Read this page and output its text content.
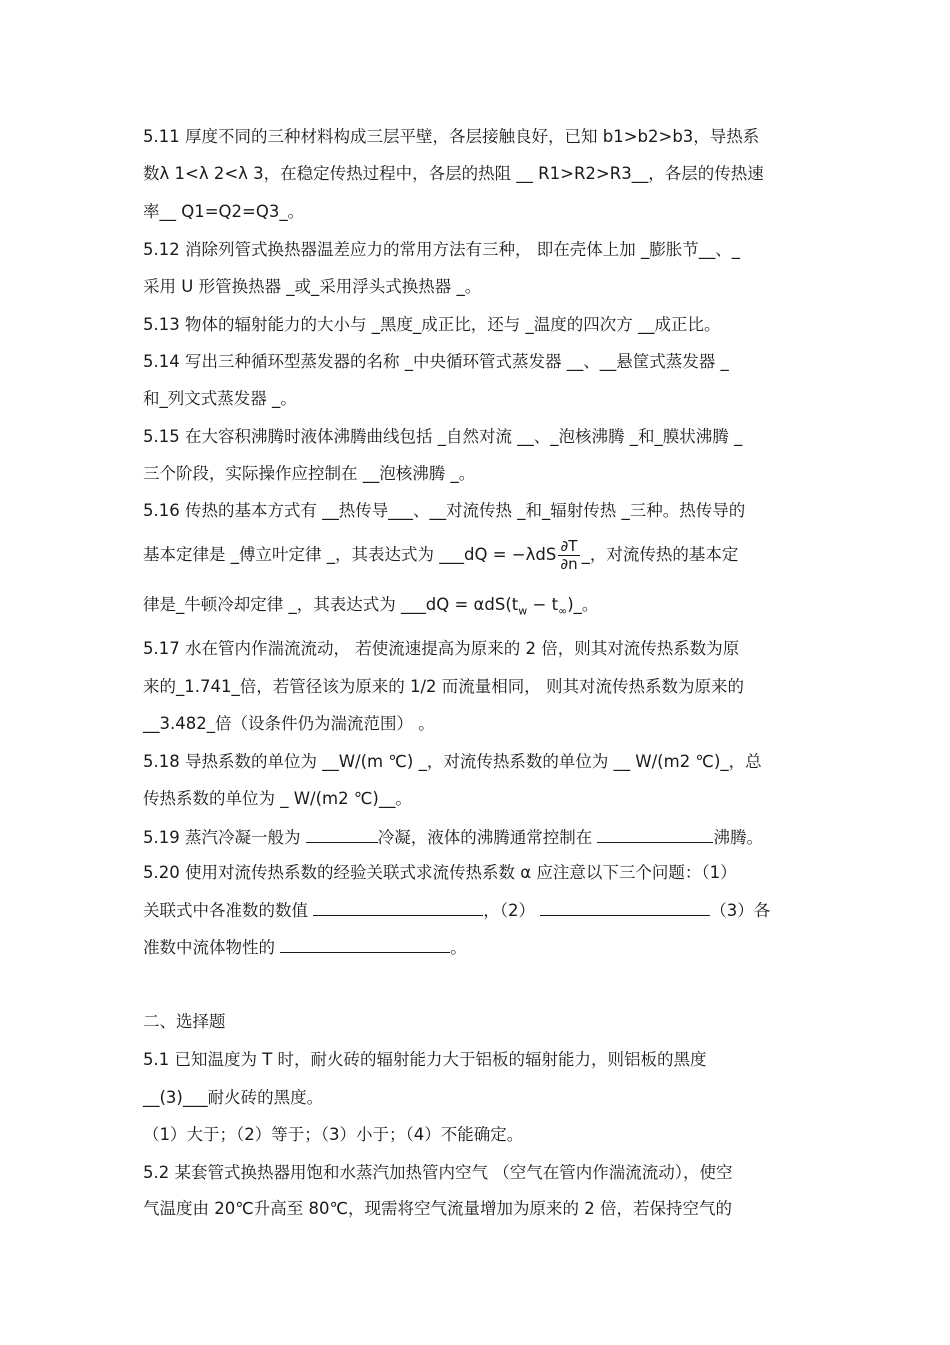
5.11 厚度不同的三种材料构成三层平壁，各层接触良好，已知 b1>b2>b3，导热系
数λ 1<λ 2<λ 3，在稳定传热过程中，各层的热阻 __ R1>R2>R3__，各层的传热速
率__ Q1=Q2=Q3_。
5.12 消除列管式换热器温差应力的常用方法有三种， 即在壳体上加 _膨胀节__、_
采用 U 形管换热器 _或_采用浮头式换热器 _。
5.13 物体的辐射能力的大小与 _黑度_成正比，还与 _温度的四次方 __成正比。
5.14 写出三种循环型蒸发器的名称 _中央循环管式蒸发器 __、__悬筐式蒸发器 _
和_列文式蒸发器 _。
5.15 在大容积沸腾时液体沸腾曲线包括 _自然对流 __、_泡核沸腾 _和_膜状沸腾 _
三个阶段，实际操作应控制在 __泡核沸腾 _。
5.16 传热的基本方式有 __热传导___、__对流传热 _和_辐射传热 _三种。热传导的
基本定律是 _傅立叶定律 _，其表达式为 ___dQ = $-\lambda dS \frac{\partial T}{\partial n}$ _，对流传热的基本定
律是_牛顿冷却定律 _，其表达式为 ___dQ = $\alpha dS(t_w$ − $t_\infty)\_$。
5.17 水在管内作湍流流动， 若使流速提高为原来的 2 倍，则其对流传热系数为原
来的_1.741_倍，若管径该为原来的 1/2 而流量相同， 则其对流传热系数为原来的
__3.482_倍（设条件仍为湍流范围） 。
5.18 导热系数的单位为 __W/(m ℃) _，对流传热系数的单位为 __ W/(m2 ℃)_，总
传热系数的单位为 _ W/(m2 ℃)__。
5.19 蒸汽冷凝一般为	冷凝，液体的沸腾通常控制在	沸腾。
5.20 使用对流传热系数的经验关联式求流传热系数 α 应注意以下三个问题：（1）
关联式中各准数的数值	，（2）	（3）各
准数中流体物性的	。
二、选择题
5.1 已知温度为 T 时，耐火砖的辐射能力大于铝板的辐射能力，则铝板的黑度
__(3)___耐火砖的黑度。
（1）大于；（2）等于；（3）小于；（4）不能确定。
5.2 某套管式换热器用饱和水蒸汽加热管内空气 （空气在管内作湍流流动），使空
气温度由 20℃升高至 80℃，现需将空气流量增加为原来的 2 倍，若保持空气的
